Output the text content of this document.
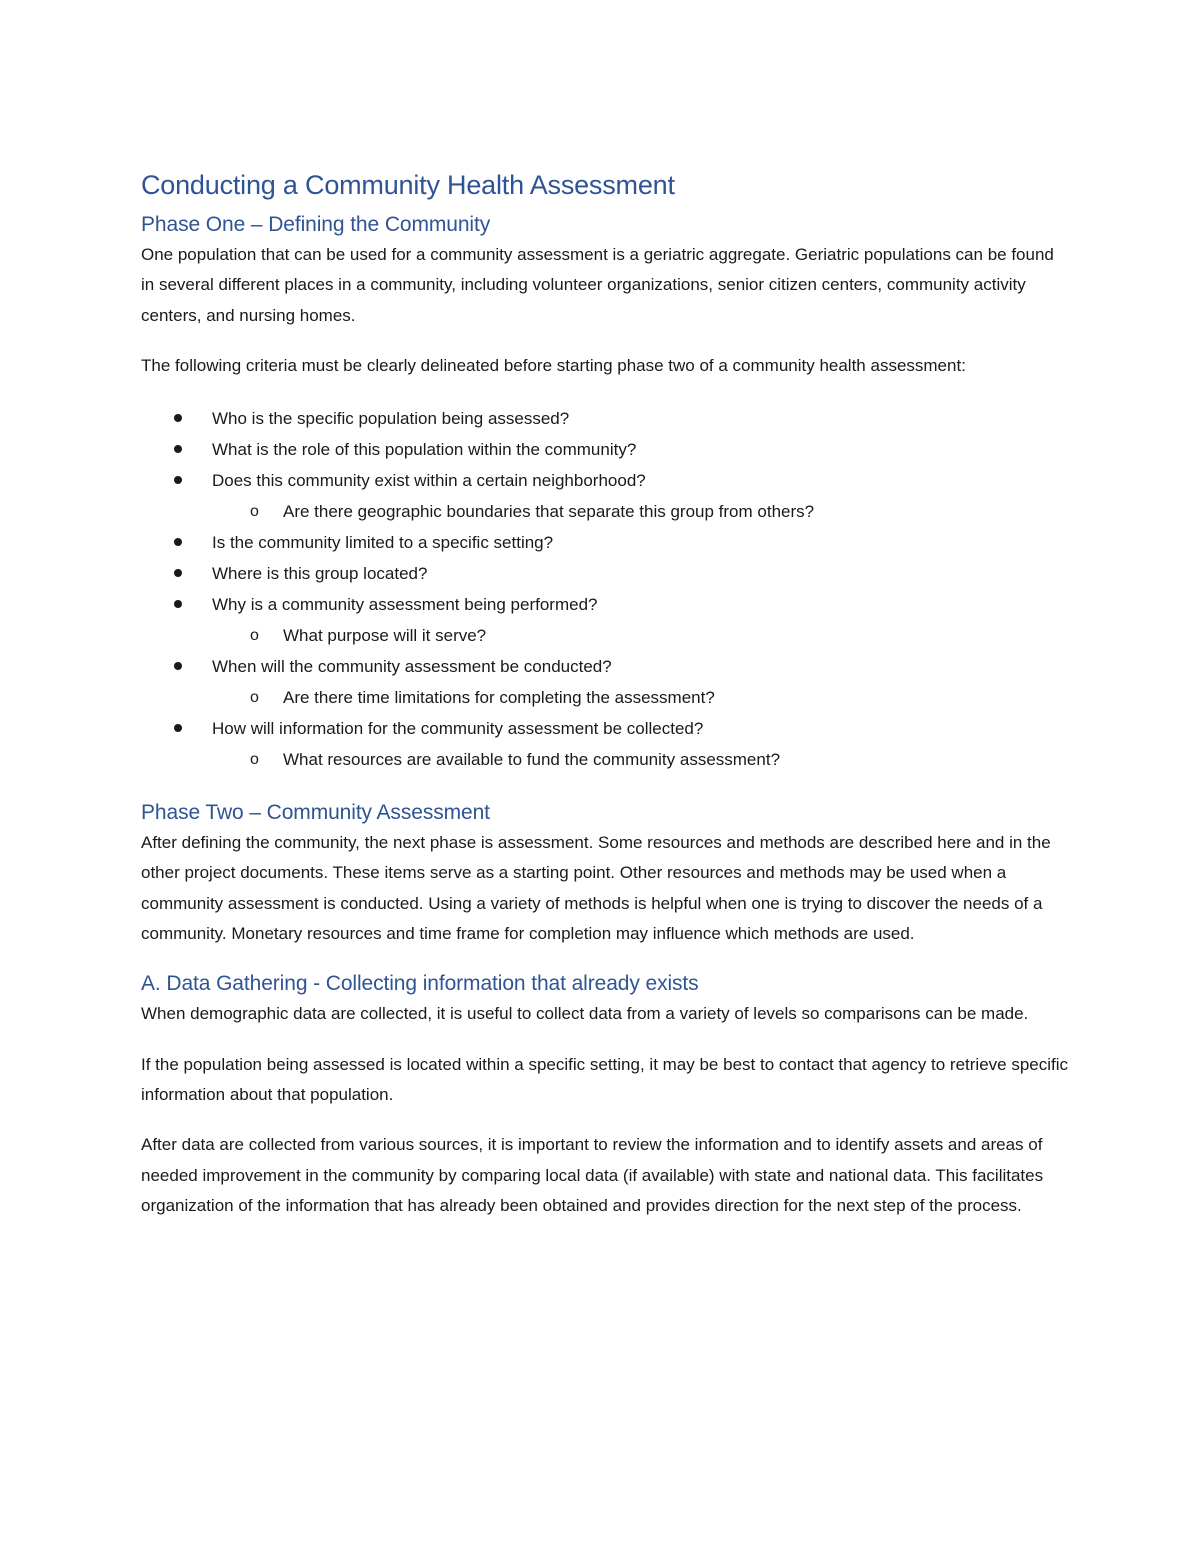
Conducting a Community Health Assessment
Phase One – Defining the Community

One population that can be used for a community assessment is a geriatric aggregate. Geriatric populations can be found in several different places in a community, including volunteer organizations, senior citizen centers, community activity centers, and nursing homes.

The following criteria must be clearly delineated before starting phase two of a community health assessment:

Who is the specific population being assessed?
What is the role of this population within the community?
Does this community exist within a certain neighborhood?
o Are there geographic boundaries that separate this group from others?
Is the community limited to a specific setting?
Where is this group located?
Why is a community assessment being performed?
o What purpose will it serve?
When will the community assessment be conducted?
o Are there time limitations for completing the assessment?
How will information for the community assessment be collected?
o What resources are available to fund the community assessment?
Phase Two – Community Assessment

After defining the community, the next phase is assessment. Some resources and methods are described here and in the other project documents. These items serve as a starting point. Other resources and methods may be used when a community assessment is conducted. Using a variety of methods is helpful when one is trying to discover the needs of a community. Monetary resources and time frame for completion may influence which methods are used.

A. Data Gathering - Collecting information that already exists

When demographic data are collected, it is useful to collect data from a variety of levels so comparisons can be made.

If the population being assessed is located within a specific setting, it may be best to contact that agency to retrieve specific information about that population.

After data are collected from various sources, it is important to review the information and to identify assets and areas of needed improvement in the community by comparing local data (if available) with state and national data. This facilitates organization of the information that has already been obtained and provides direction for the next step of the process.
